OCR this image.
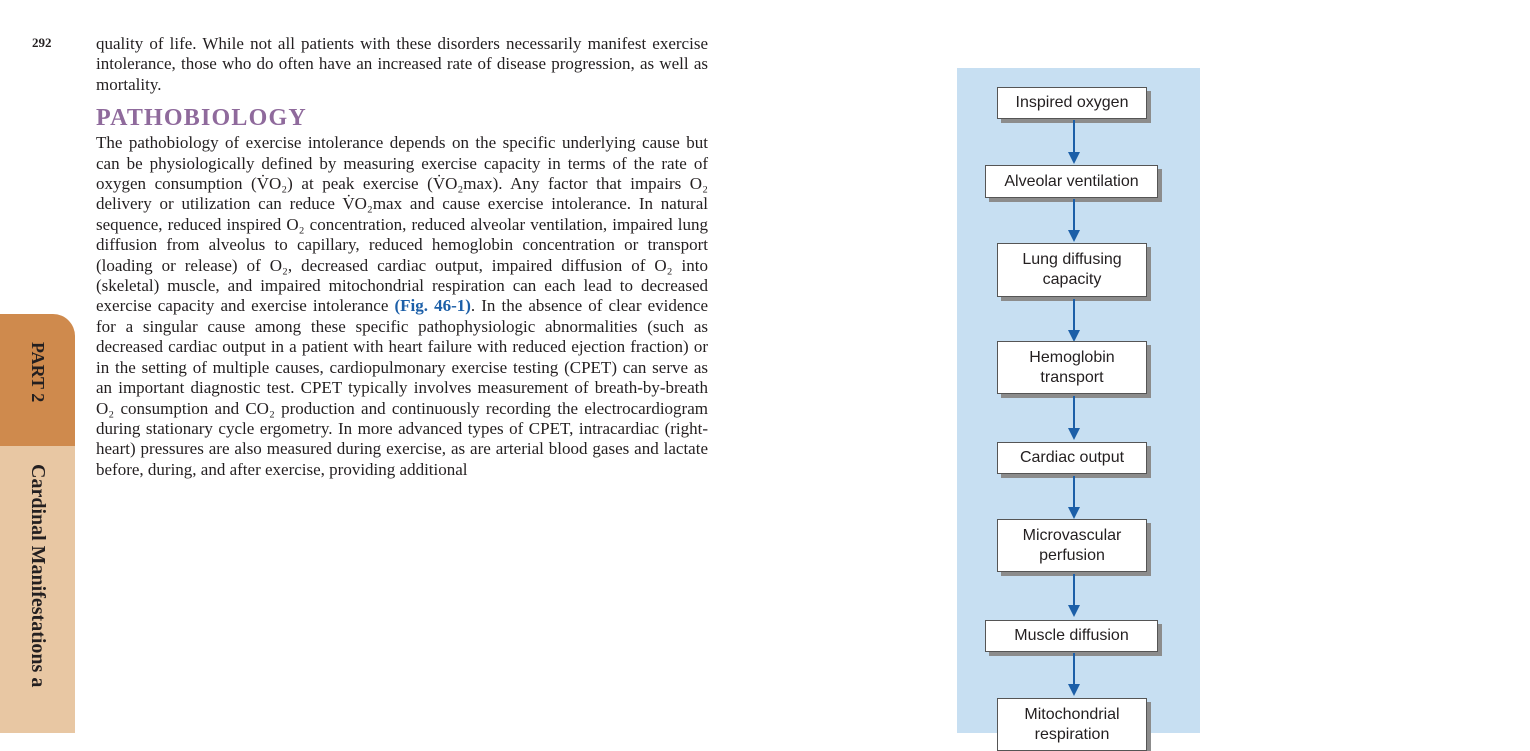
292	quality of life. While not all patients with these disorders necessarily manifest exercise intolerance, those who do often have an increased rate of disease progression, as well as mortality.

PATHOBIOLOGY

The pathobiology of exercise intolerance depends on the specific underlying cause but can be physiologically defined by measuring exercise capacity in terms of the rate of oxygen consumption (V̇O₂) at peak exercise (V̇O₂max). Any factor that impairs O₂ delivery or utilization can reduce V̇O₂max and cause exercise intolerance. In natural sequence, reduced inspired O₂ concentration, reduced alveolar ventilation, impaired lung diffusion from alveolus to capillary, reduced hemoglobin concentration or transport (loading or release) of O₂, decreased cardiac output, impaired diffusion of O₂ into (skeletal) muscle, and impaired mitochondrial respiration can each lead to decreased exercise capacity and exercise intolerance (Fig. 46-1). In the absence of clear evidence for a singular cause among these specific pathophysiologic abnormalities (such as decreased cardiac output in a patient with heart failure with reduced ejection fraction) or in the setting of multiple causes, cardiopulmonary exercise testing (CPET) can serve as an important diagnostic test. CPET typically involves measurement of breath-by-breath O₂ consumption and CO₂ production and continuously recording the electrocardiogram during stationary cycle ergometry. In more advanced types of CPET, intracardiac (right-heart) pressures are also measured during exercise, as are arterial blood gases and lactate before, during, and after exercise, providing additional

PART 2
Cardinal Manifestations a
Inspired oxygen
Alveolar ventilation
Lung diffusing capacity
Hemoglobin transport
Cardiac output
Microvascular perfusion
Muscle diffusion
Mitochondrial respiration
